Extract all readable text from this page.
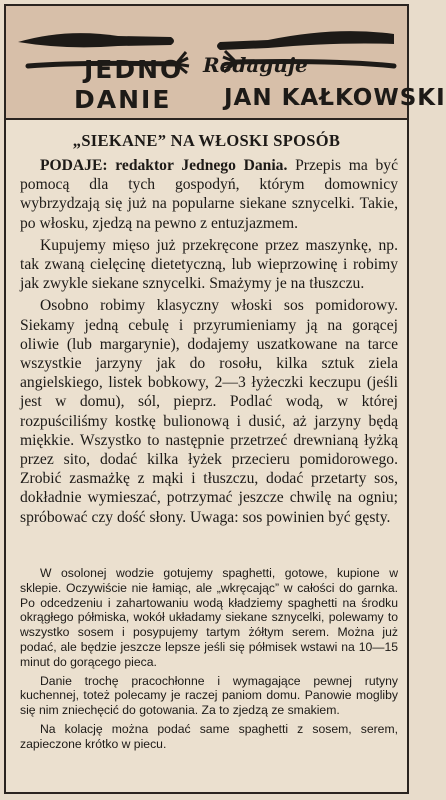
JEDNO
DANIE
Redaguje
JAN KAŁKOWSKI
„SIEKANE” NA WŁOSKI SPOSÓB

PODAJE: redaktor Jednego Dania. Przepis ma być pomocą dla tych gospodyń, którym domownicy wybrzydzają się już na popularne siekane sznycelki. Takie, po włosku, zjedzą na pewno z entuzjazmem.

Kupujemy mięso już przekręcone przez maszynkę, np. tak zwaną cielęcinę dietetyczną, lub wieprzowinę i robimy jak zwykle siekane sznycelki. Smażymy je na tłuszczu.

Osobno robimy klasyczny włoski sos pomidorowy. Siekamy jedną cebulę i przyrumieniamy ją na gorącej oliwie (lub margarynie), dodajemy uszatkowane na tarce wszystkie jarzyny jak do rosołu, kilka sztuk ziela angielskiego, listek bobkowy, 2—3 łyżeczki keczupu (jeśli jest w domu), sól, pieprz. Podlać wodą, w której rozpuściliśmy kostkę bulionową i dusić, aż jarzyny będą miękkie. Wszystko to następnie przetrzeć drewnianą łyżką przez sito, dodać kilka łyżek przecieru pomidorowego. Zrobić zasmażkę z mąki i tłuszczu, dodać przetarty sos, dokładnie wymieszać, potrzymać jeszcze chwilę na ogniu; spróbować czy dość słony. Uwaga: sos powinien być gęsty.

W osolonej wodzie gotujemy spaghetti, gotowe, kupione w sklepie. Oczywiście nie łamiąc, ale „wkręcając” w całości do garnka. Po odcedzeniu i zahartowaniu wodą kładziemy spaghetti na środku okrągłego półmiska, wokół układamy siekane sznycelki, polewamy to wszystko sosem i posypujemy tartym żółtym serem. Można już podać, ale będzie jeszcze lepsze jeśli się półmisek wstawi na 10—15 minut do gorącego pieca.

Danie trochę pracochłonne i wymagające pewnej rutyny kuchennej, toteż polecamy je raczej paniom domu. Panowie mogliby się nim zniechęcić do gotowania. Za to zjedzą ze smakiem.

Na kolację można podać same spaghetti z sosem, serem, zapieczone krótko w piecu.
